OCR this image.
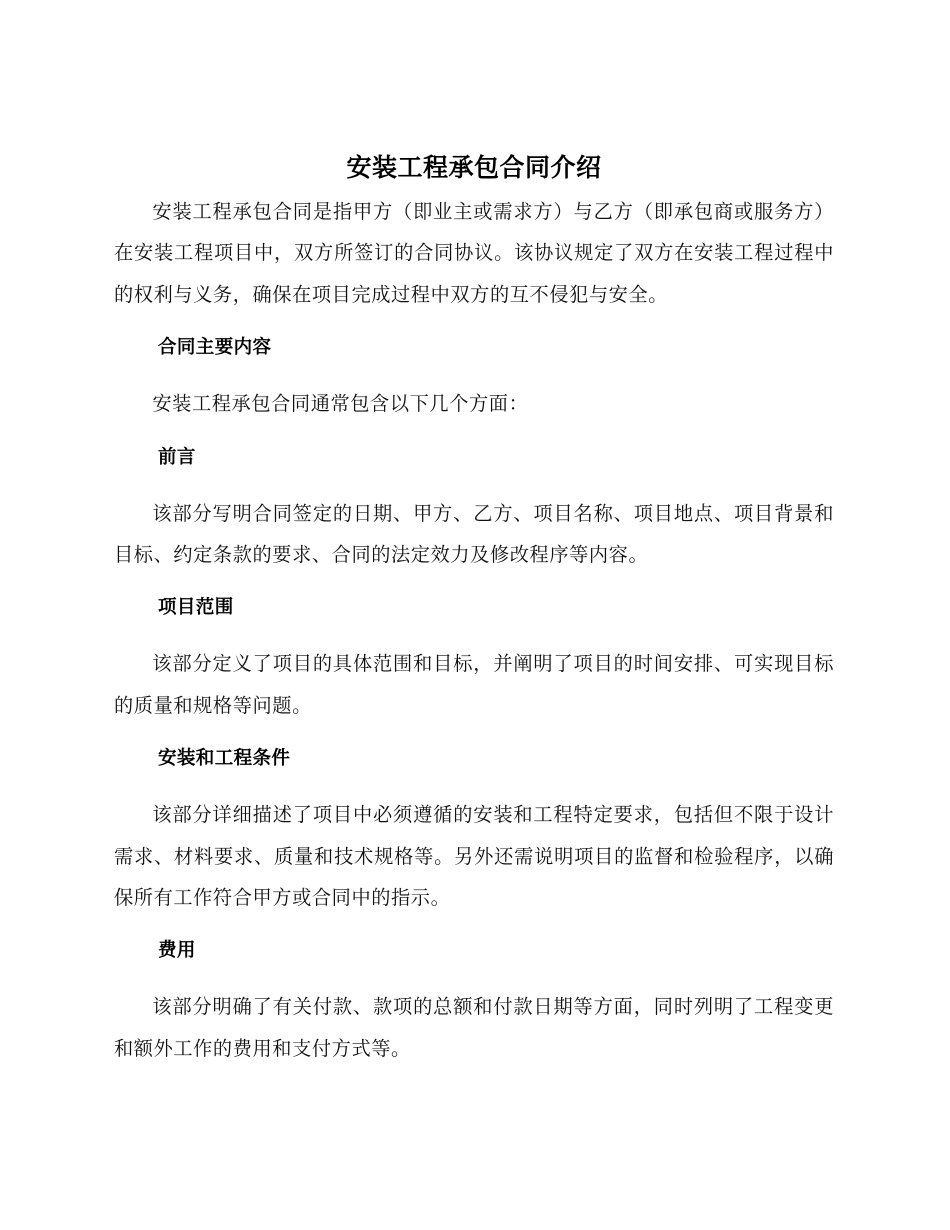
安装工程承包合同介绍

安装工程承包合同是指甲方（即业主或需求方）与乙方（即承包商或服务方）在安装工程项目中，双方所签订的合同协议。该协议规定了双方在安装工程过程中的权利与义务，确保在项目完成过程中双方的互不侵犯与安全。

合同主要内容

安装工程承包合同通常包含以下几个方面：

前言

该部分写明合同签定的日期、甲方、乙方、项目名称、项目地点、项目背景和目标、约定条款的要求、合同的法定效力及修改程序等内容。

项目范围

该部分定义了项目的具体范围和目标，并阐明了项目的时间安排、可实现目标的质量和规格等问题。

安装和工程条件

该部分详细描述了项目中必须遵循的安装和工程特定要求，包括但不限于设计需求、材料要求、质量和技术规格等。另外还需说明项目的监督和检验程序，以确保所有工作符合甲方或合同中的指示。

费用

该部分明确了有关付款、款项的总额和付款日期等方面，同时列明了工程变更和额外工作的费用和支付方式等。
